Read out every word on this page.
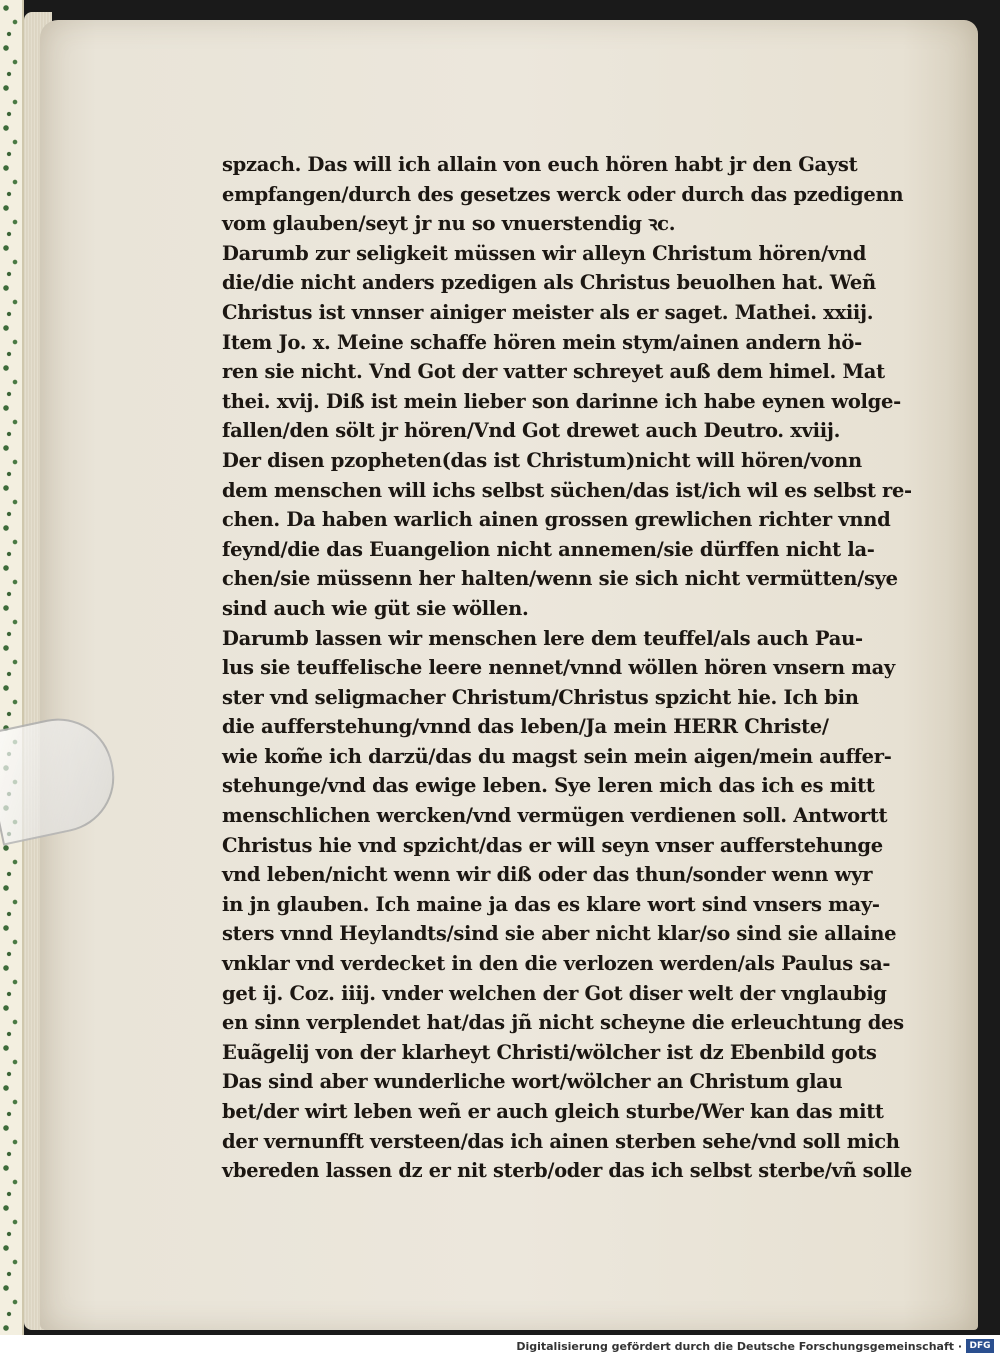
spzach. Das will ich allain von euch hören habt jr den Gayst
empfangen/durch des gesetzes werck oder durch das pzedigenn
vom glauben/seyt jr nu so vnuerstendig ꝛc.
Darumb zur seligkeit müssen wir alleyn Christum hören/vnd
die/die nicht anders pzedigen als Christus beuolhen hat. Weñ
Christus ist vnnser ainiger meister als er saget. Mathei. xxiij.
Item Jo. x. Meine schaffe hören mein stym/ainen andern hö-
ren sie nicht. Vnd Got der vatter schreyet auß dem himel. Mat
thei. xvij. Diß ist mein lieber son darinne ich habe eynen wolge-
fallen/den sölt jr hören/Vnd Got drewet auch Deutro. xviij.
Der disen pzopheten(das ist Christum)nicht will hören/vonn
dem menschen will ichs selbst süchen/das ist/ich wil es selbst re-
chen. Da haben warlich ainen grossen grewlichen richter vnnd
feynd/die das Euangelion nicht annemen/sie dürffen nicht la-
chen/sie müssenn her halten/wenn sie sich nicht vermütten/sye
sind auch wie güt sie wöllen.
Darumb lassen wir menschen lere dem teuffel/als auch Pau-
lus sie teuffelische leere nennet/vnnd wöllen hören vnsern may
ster vnd seligmacher Christum/Christus spzicht hie. Ich bin
die aufferstehung/vnnd das leben/Ja mein HERR Christe/
wie kom̃e ich darzü/das du magst sein mein aigen/mein auffer-
stehunge/vnd das ewige leben. Sye leren mich das ich es mitt
menschlichen wercken/vnd vermügen verdienen soll. Antwortt
Christus hie vnd spzicht/das er will seyn vnser aufferstehunge
vnd leben/nicht wenn wir diß oder das thun/sonder wenn wyr
in jn glauben. Ich maine ja das es klare wort sind vnsers may-
sters vnnd Heylandts/sind sie aber nicht klar/so sind sie allaine
vnklar vnd verdecket in den die verlozen werden/als Paulus sa-
get ij. Coz. iiij. vnder welchen der Got diser welt der vnglaubig
en sinn verplendet hat/das jñ nicht scheyne die erleuchtung des
Euãgelij von der klarheyt Christi/wölcher ist dz Ebenbild gots
Das sind aber wunderliche wort/wölcher an Christum glau
bet/der wirt leben weñ er auch gleich sturbe/Wer kan das mitt
der vernunfft versteen/das ich ainen sterben sehe/vnd soll mich
vbereden lassen dz er nit sterb/oder das ich selbst sterbe/vñ solle
Digitalisierung gefördert durch die Deutsche Forschungsgemeinschaft · DFG
